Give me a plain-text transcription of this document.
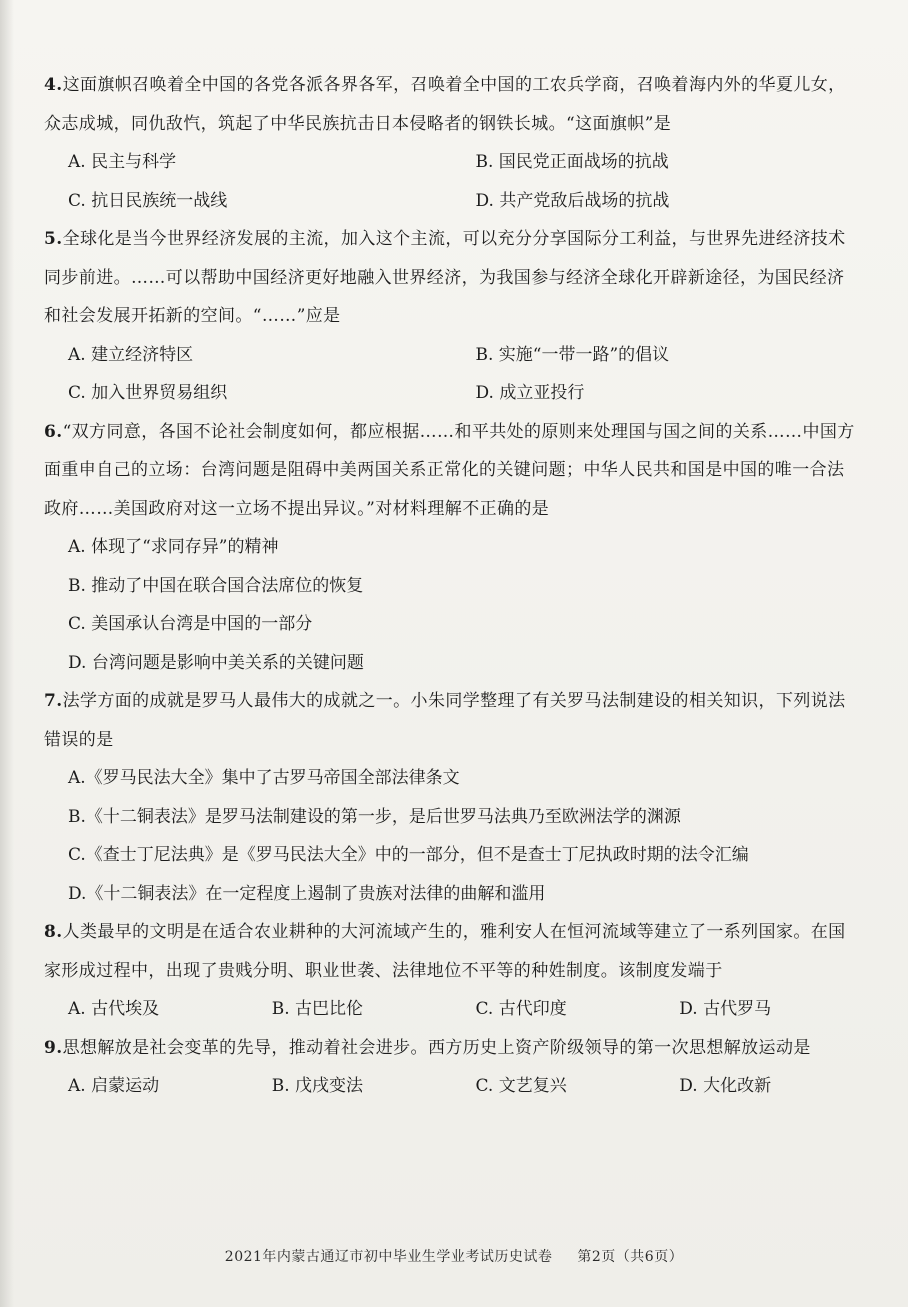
4.这面旗帜召唤着全中国的各党各派各界各军，召唤着全中国的工农兵学商，召唤着海内外的华夏儿女，众志成城，同仇敌忾，筑起了中华民族抗击日本侵略者的钢铁长城。“这面旗帜”是

A. 民主与科学	B. 国民党正面战场的抗战
C. 抗日民族统一战线	D. 共产党敌后战场的抗战

5.全球化是当今世界经济发展的主流，加入这个主流，可以充分分享国际分工利益，与世界先进经济技术同步前进。……可以帮助中国经济更好地融入世界经济，为我国参与经济全球化开辟新途径，为国民经济和社会发展开拓新的空间。“……”应是

A. 建立经济特区	B. 实施“一带一路”的倡议
C. 加入世界贸易组织	D. 成立亚投行

6.“双方同意，各国不论社会制度如何，都应根据……和平共处的原则来处理国与国之间的关系……中国方面重申自己的立场：台湾问题是阻碍中美两国关系正常化的关键问题；中华人民共和国是中国的唯一合法政府……美国政府对这一立场不提出异议。”对材料理解不正确的是

A. 体现了“求同存异”的精神
B. 推动了中国在联合国合法席位的恢复
C. 美国承认台湾是中国的一部分
D. 台湾问题是影响中美关系的关键问题

7.法学方面的成就是罗马人最伟大的成就之一。小朱同学整理了有关罗马法制建设的相关知识，下列说法错误的是

A.《罗马民法大全》集中了古罗马帝国全部法律条文
B.《十二铜表法》是罗马法制建设的第一步，是后世罗马法典乃至欧洲法学的渊源
C.《查士丁尼法典》是《罗马民法大全》中的一部分，但不是查士丁尼执政时期的法令汇编
D.《十二铜表法》在一定程度上遏制了贵族对法律的曲解和滥用

8.人类最早的文明是在适合农业耕种的大河流域产生的，雅利安人在恒河流域等建立了一系列国家。在国家形成过程中，出现了贵贱分明、职业世袭、法律地位不平等的种姓制度。该制度发端于

A. 古代埃及	B. 古巴比伦	C. 古代印度	D. 古代罗马

9.思想解放是社会变革的先导，推动着社会进步。西方历史上资产阶级领导的第一次思想解放运动是

A. 启蒙运动	B. 戊戌变法	C. 文艺复兴	D. 大化改新
2021年内蒙古通辽市初中毕业生学业考试历史试卷 第2页（共6页）
